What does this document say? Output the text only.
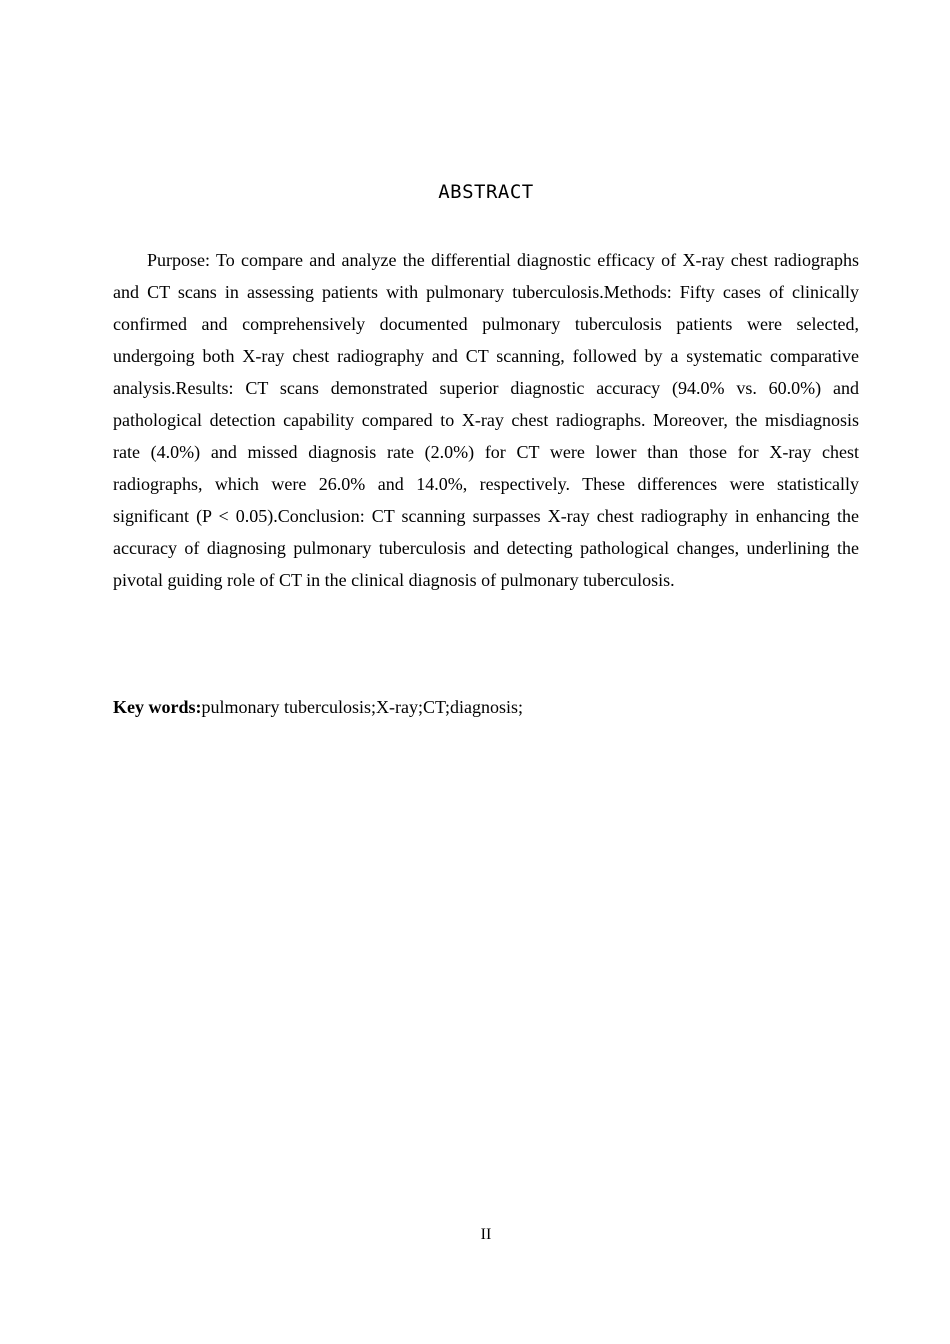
ABSTRACT

Purpose: To compare and analyze the differential diagnostic efficacy of X-ray chest radiographs and CT scans in assessing patients with pulmonary tuberculosis.Methods: Fifty cases of clinically confirmed and comprehensively documented pulmonary tuberculosis patients were selected, undergoing both X-ray chest radiography and CT scanning, followed by a systematic comparative analysis.Results: CT scans demonstrated superior diagnostic accuracy (94.0% vs. 60.0%) and pathological detection capability compared to X-ray chest radiographs. Moreover, the misdiagnosis rate (4.0%) and missed diagnosis rate (2.0%) for CT were lower than those for X-ray chest radiographs, which were 26.0% and 14.0%, respectively. These differences were statistically significant (P < 0.05).Conclusion: CT scanning surpasses X-ray chest radiography in enhancing the accuracy of diagnosing pulmonary tuberculosis and detecting pathological changes, underlining the pivotal guiding role of CT in the clinical diagnosis of pulmonary tuberculosis.

Key words:pulmonary tuberculosis;X-ray;CT;diagnosis;

II
